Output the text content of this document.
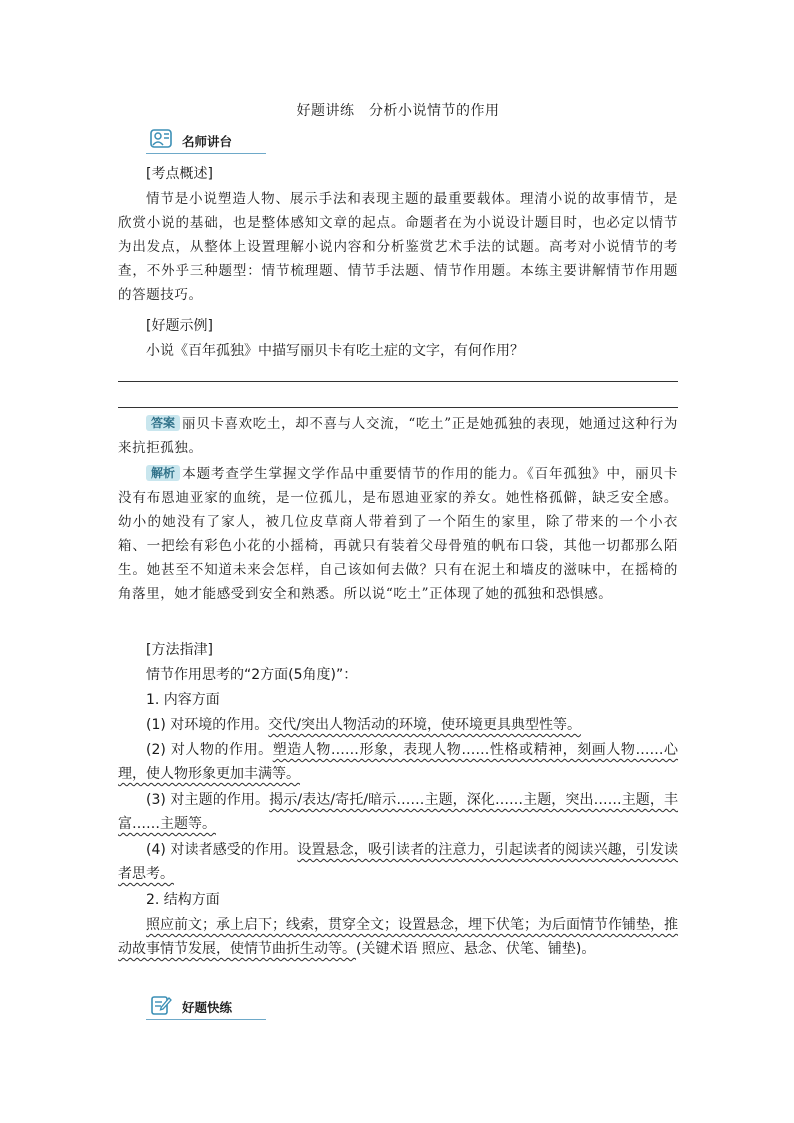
好题讲练　分析小说情节的作用
名师讲台
[考点概述]
情节是小说塑造人物、展示手法和表现主题的最重要载体。理清小说的故事情节，是欣赏小说的基础，也是整体感知文章的起点。命题者在为小说设计题目时，也必定以情节为出发点，从整体上设置理解小说内容和分析鉴赏艺术手法的试题。高考对小说情节的考查，不外乎三种题型：情节梳理题、情节手法题、情节作用题。本练主要讲解情节作用题的答题技巧。
[好题示例]
小说《百年孤独》中描写丽贝卡有吃土症的文字，有何作用？
答案 丽贝卡喜欢吃土，却不喜与人交流，“吃土”正是她孤独的表现，她通过这种行为来抗拒孤独。
解析 本题考查学生掌握文学作品中重要情节的作用的能力。《百年孤独》中，丽贝卡没有布恩迪亚家的血统，是一位孤儿，是布恩迪亚家的养女。她性格孤僻，缺乏安全感。幼小的她没有了家人，被几位皮草商人带着到了一个陌生的家里，除了带来的一个小衣箱、一把绘有彩色小花的小摇椅，再就只有装着父母骨殖的帆布口袋，其他一切都那么陌生。她甚至不知道未来会怎样，自己该如何去做？只有在泥土和墙皮的滋味中，在摇椅的角落里，她才能感受到安全和熟悉。所以说“吃土”正体现了她的孤独和恐惧感。
[方法指津]
情节作用思考的“2方面(5角度)”：
1. 内容方面
(1) 对环境的作用。交代/突出人物活动的环境，使环境更具典型性等。
(2) 对人物的作用。塑造人物……形象，表现人物……性格或精神，刻画人物……心理，使人物形象更加丰满等。
(3) 对主题的作用。揭示/表达/寄托/暗示……主题，深化……主题，突出……主题，丰富……主题等。
(4) 对读者感受的作用。设置悬念，吸引读者的注意力，引起读者的阅读兴趣，引发读者思考。
2. 结构方面
照应前文；承上启下；线索，贯穿全文；设置悬念，埋下伏笔；为后面情节作铺垫，推动故事情节发展，使情节曲折生动等。(关键术语 照应、悬念、伏笔、铺垫)。
好题快练
